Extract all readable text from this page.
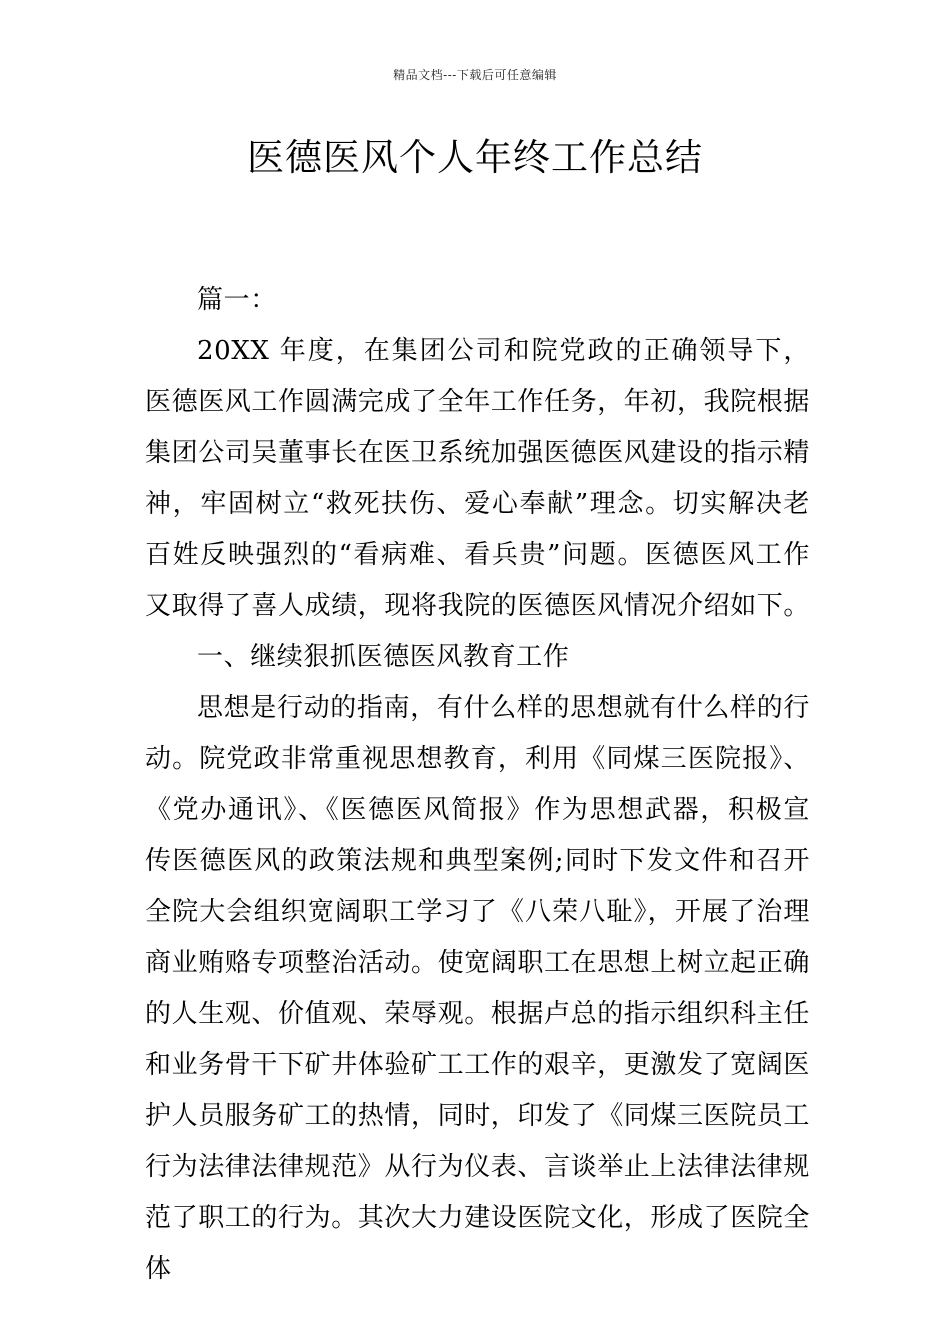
精品文档---下载后可任意编辑
医德医风个人年终工作总结

篇一：

20XX 年度，在集团公司和院党政的正确领导下，医德医风工作圆满完成了全年工作任务，年初，我院根据集团公司吴董事长在医卫系统加强医德医风建设的指示精神，牢固树立“救死扶伤、爱心奉献”理念。切实解决老百姓反映强烈的“看病难、看兵贵”问题。医德医风工作又取得了喜人成绩，现将我院的医德医风情况介绍如下。

一、继续狠抓医德医风教育工作

思想是行动的指南，有什么样的思想就有什么样的行动。院党政非常重视思想教育，利用《同煤三医院报》、《党办通讯》、《医德医风简报》作为思想武器，积极宣传医德医风的政策法规和典型案例;同时下发文件和召开全院大会组织宽阔职工学习了《八荣八耻》，开展了治理商业贿赂专项整治活动。使宽阔职工在思想上树立起正确的人生观、价值观、荣辱观。根据卢总的指示组织科主任和业务骨干下矿井体验矿工工作的艰辛，更激发了宽阔医护人员服务矿工的热情，同时，印发了《同煤三医院员工行为法律法律规范》从行为仪表、言谈举止上法律法律规范了职工的行为。其次大力建设医院文化，形成了医院全体
